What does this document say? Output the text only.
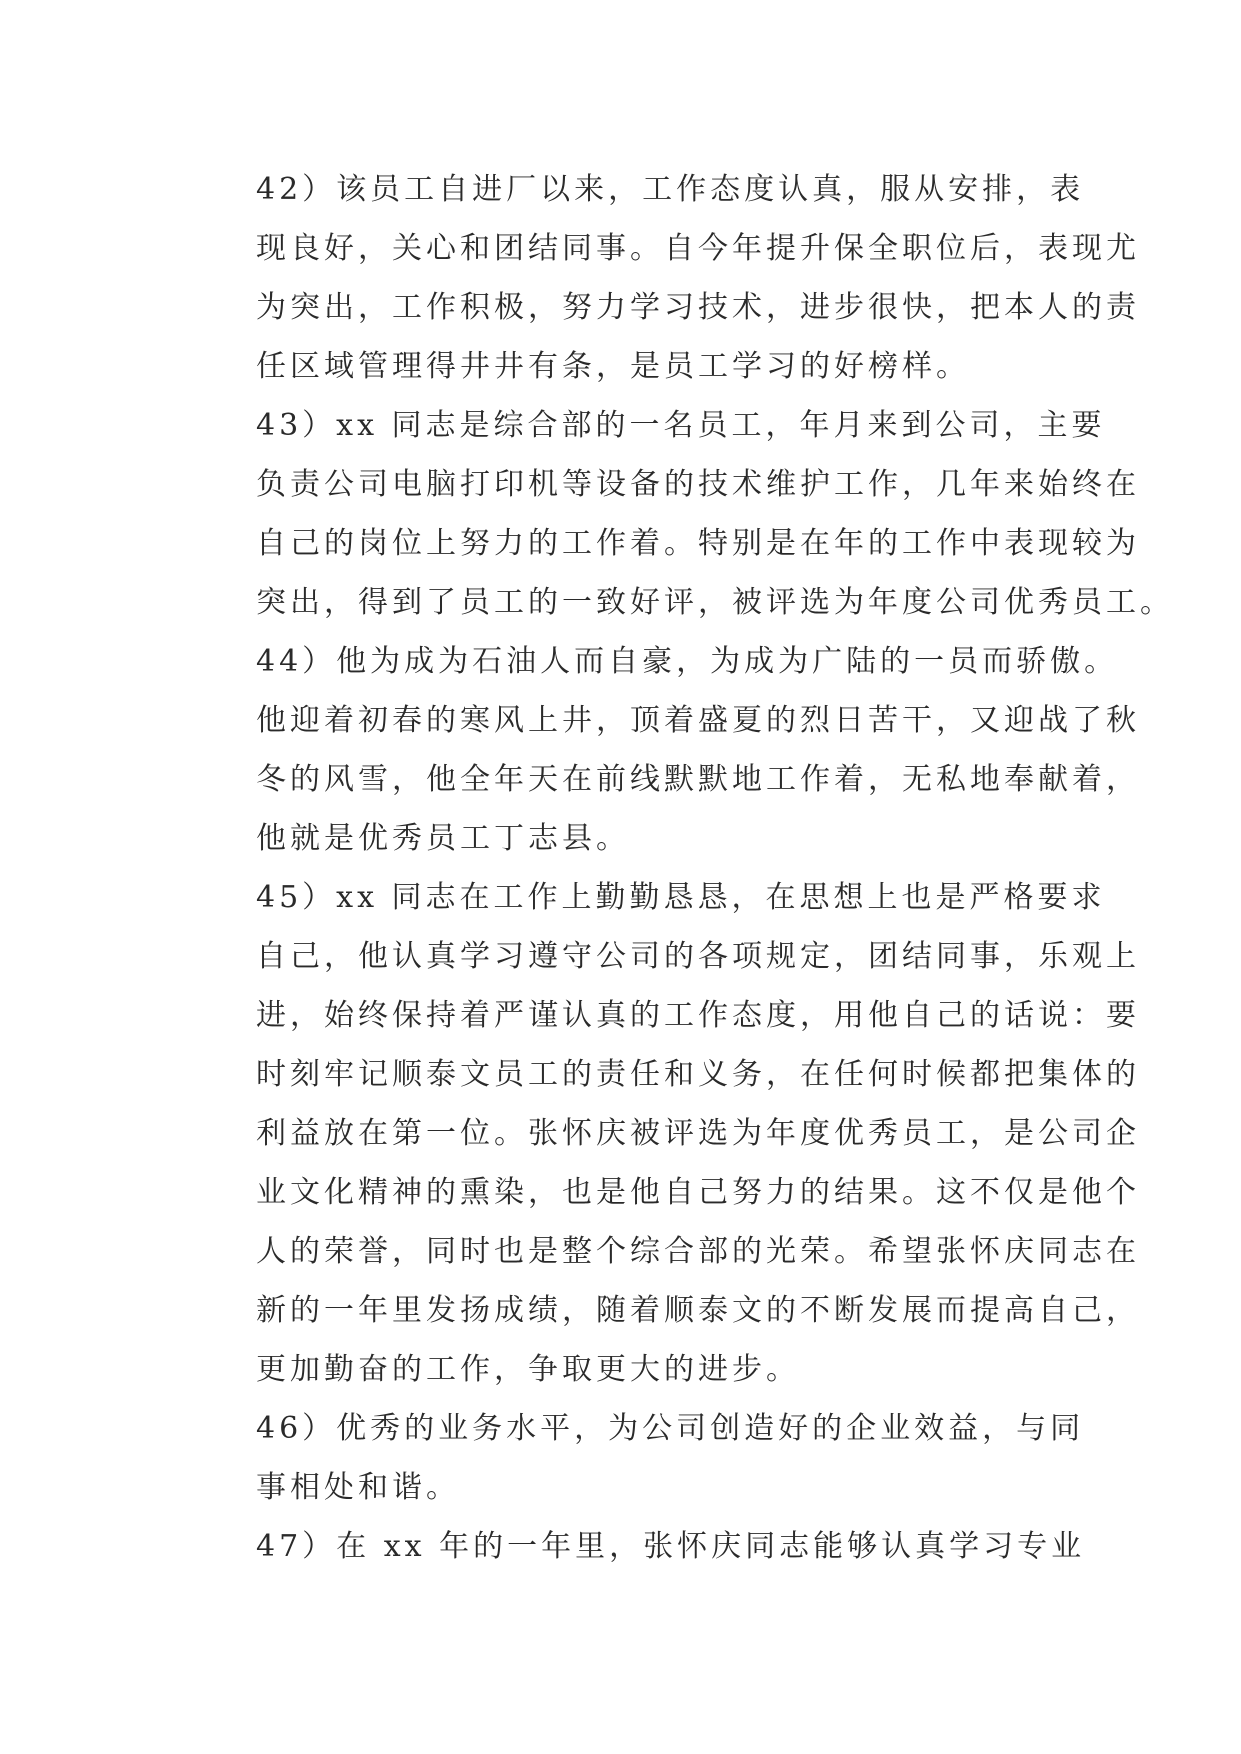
42）该员工自进厂以来，工作态度认真，服从安排，表
现良好，关心和团结同事。自今年提升保全职位后，表现尤
为突出，工作积极，努力学习技术，进步很快，把本人的责
任区域管理得井井有条，是员工学习的好榜样。
43）xx 同志是综合部的一名员工，年月来到公司，主要
负责公司电脑打印机等设备的技术维护工作，几年来始终在
自己的岗位上努力的工作着。特别是在年的工作中表现较为
突出，得到了员工的一致好评，被评选为年度公司优秀员工。
44）他为成为石油人而自豪，为成为广陆的一员而骄傲。
他迎着初春的寒风上井，顶着盛夏的烈日苦干，又迎战了秋
冬的风雪，他全年天在前线默默地工作着，无私地奉献着，
他就是优秀员工丁志县。
45）xx 同志在工作上勤勤恳恳，在思想上也是严格要求
自己，他认真学习遵守公司的各项规定，团结同事，乐观上
进，始终保持着严谨认真的工作态度，用他自己的话说：要
时刻牢记顺泰文员工的责任和义务，在任何时候都把集体的
利益放在第一位。张怀庆被评选为年度优秀员工，是公司企
业文化精神的熏染，也是他自己努力的结果。这不仅是他个
人的荣誉，同时也是整个综合部的光荣。希望张怀庆同志在
新的一年里发扬成绩，随着顺泰文的不断发展而提高自己，
更加勤奋的工作，争取更大的进步。
46）优秀的业务水平，为公司创造好的企业效益，与同
事相处和谐。
47）在 xx 年的一年里，张怀庆同志能够认真学习专业
